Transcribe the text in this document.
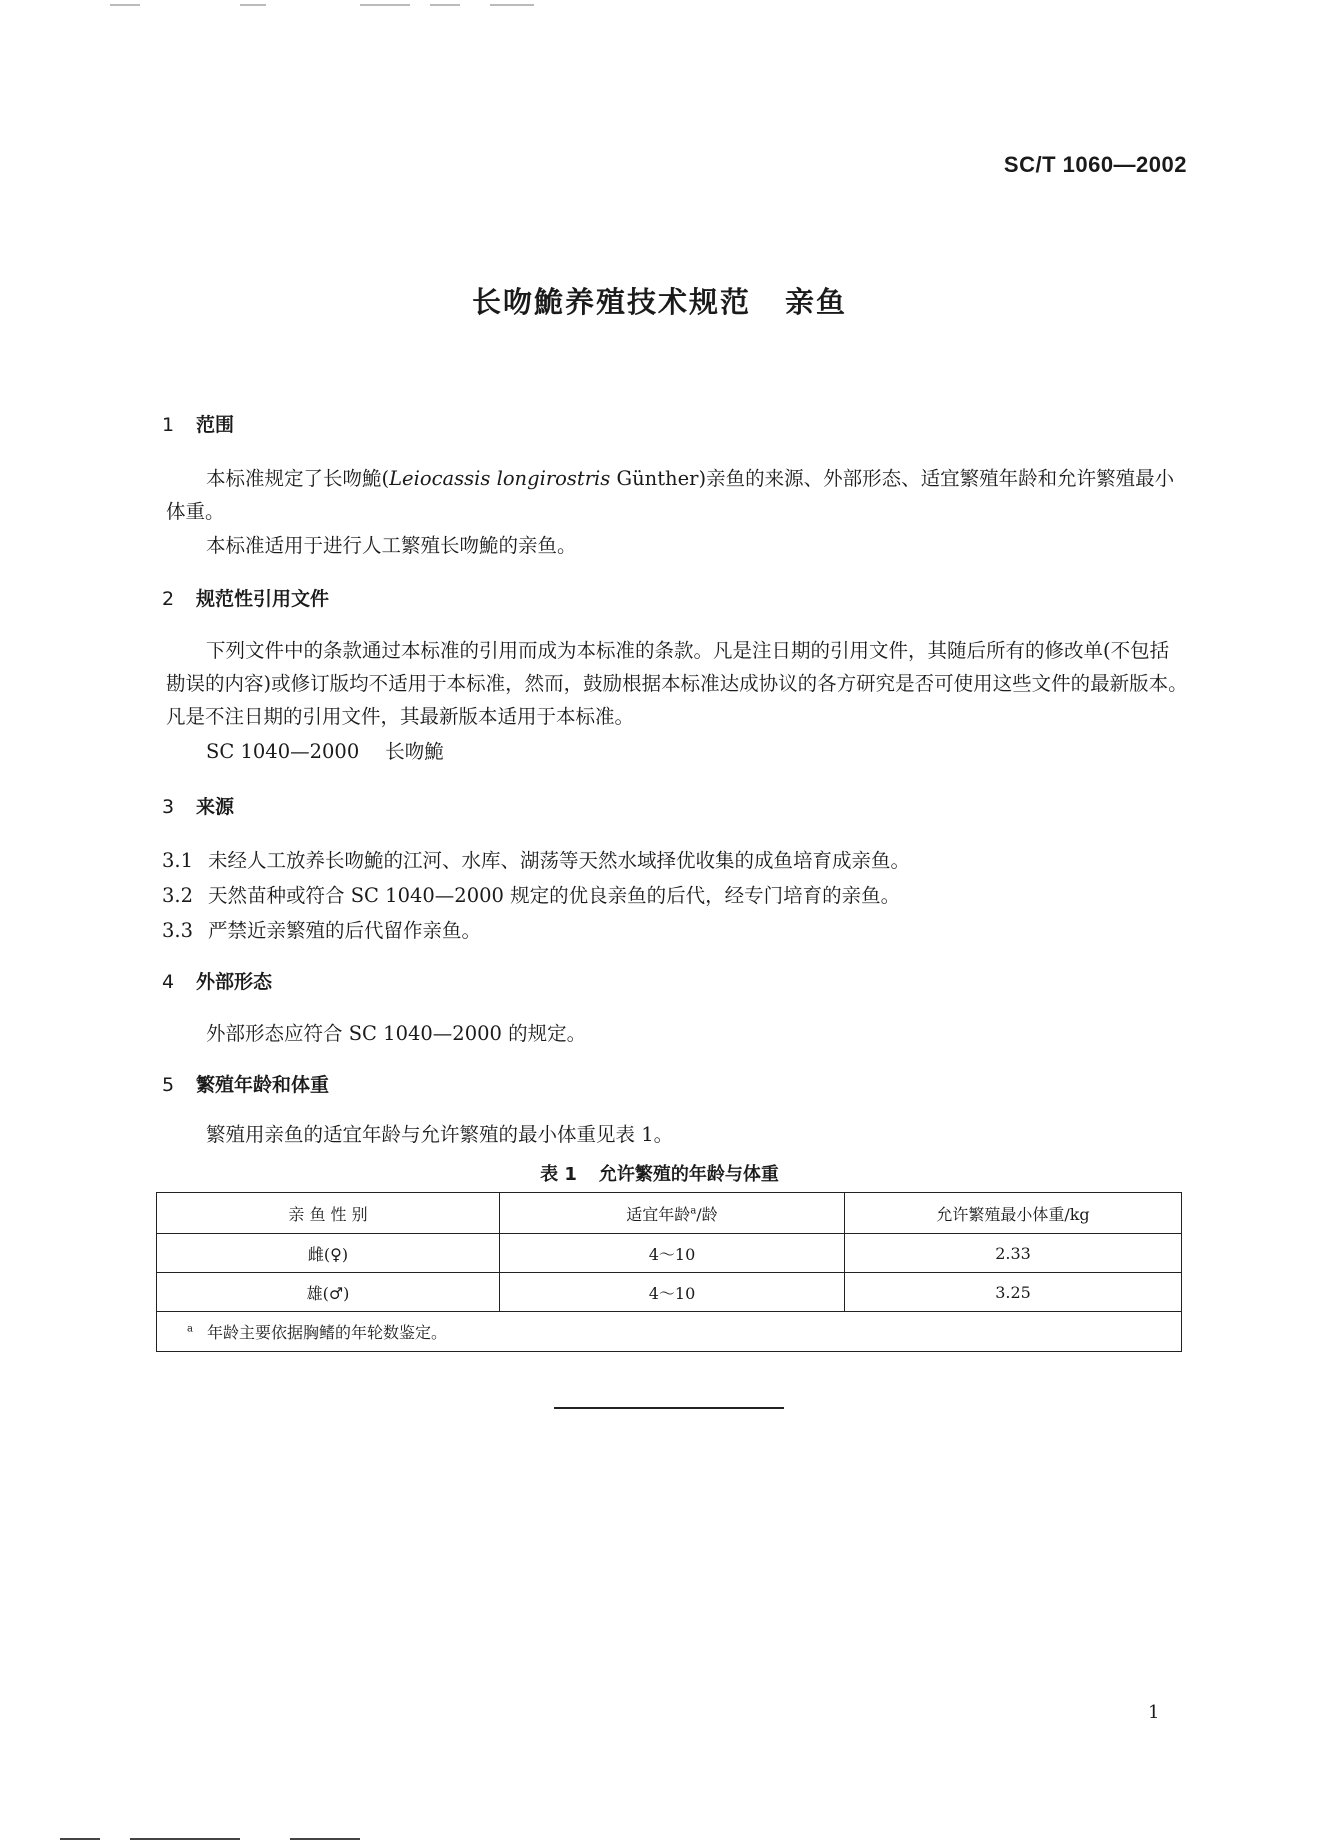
SC/T 1060—2002
长吻鮠养殖技术规范 亲鱼
1 范围
本标准规定了长吻鮠(Leiocassis longirostris Günther)亲鱼的来源、外部形态、适宜繁殖年龄和允许繁殖最小体重。
本标准适用于进行人工繁殖长吻鮠的亲鱼。
2 规范性引用文件
下列文件中的条款通过本标准的引用而成为本标准的条款。凡是注日期的引用文件，其随后所有的修改单(不包括勘误的内容)或修订版均不适用于本标准，然而，鼓励根据本标准达成协议的各方研究是否可使用这些文件的最新版本。凡是不注日期的引用文件，其最新版本适用于本标准。
SC 1040—2000 长吻鮠
3 来源
3.1 未经人工放养长吻鮠的江河、水库、湖荡等天然水域择优收集的成鱼培育成亲鱼。
3.2 天然苗种或符合 SC 1040—2000 规定的优良亲鱼的后代，经专门培育的亲鱼。
3.3 严禁近亲繁殖的后代留作亲鱼。
4 外部形态
外部形态应符合 SC 1040—2000 的规定。
5 繁殖年龄和体重
繁殖用亲鱼的适宜年龄与允许繁殖的最小体重见表 1。
表 1 允许繁殖的年龄与体重
亲 鱼 性 别	适宜年龄$^a$/龄	允许繁殖最小体重/kg
雌(♀)	4～10	2.33
雄(♂)	4～10	3.25
$^a$ 年龄主要依据胸鳍的年轮数鉴定。		
1
